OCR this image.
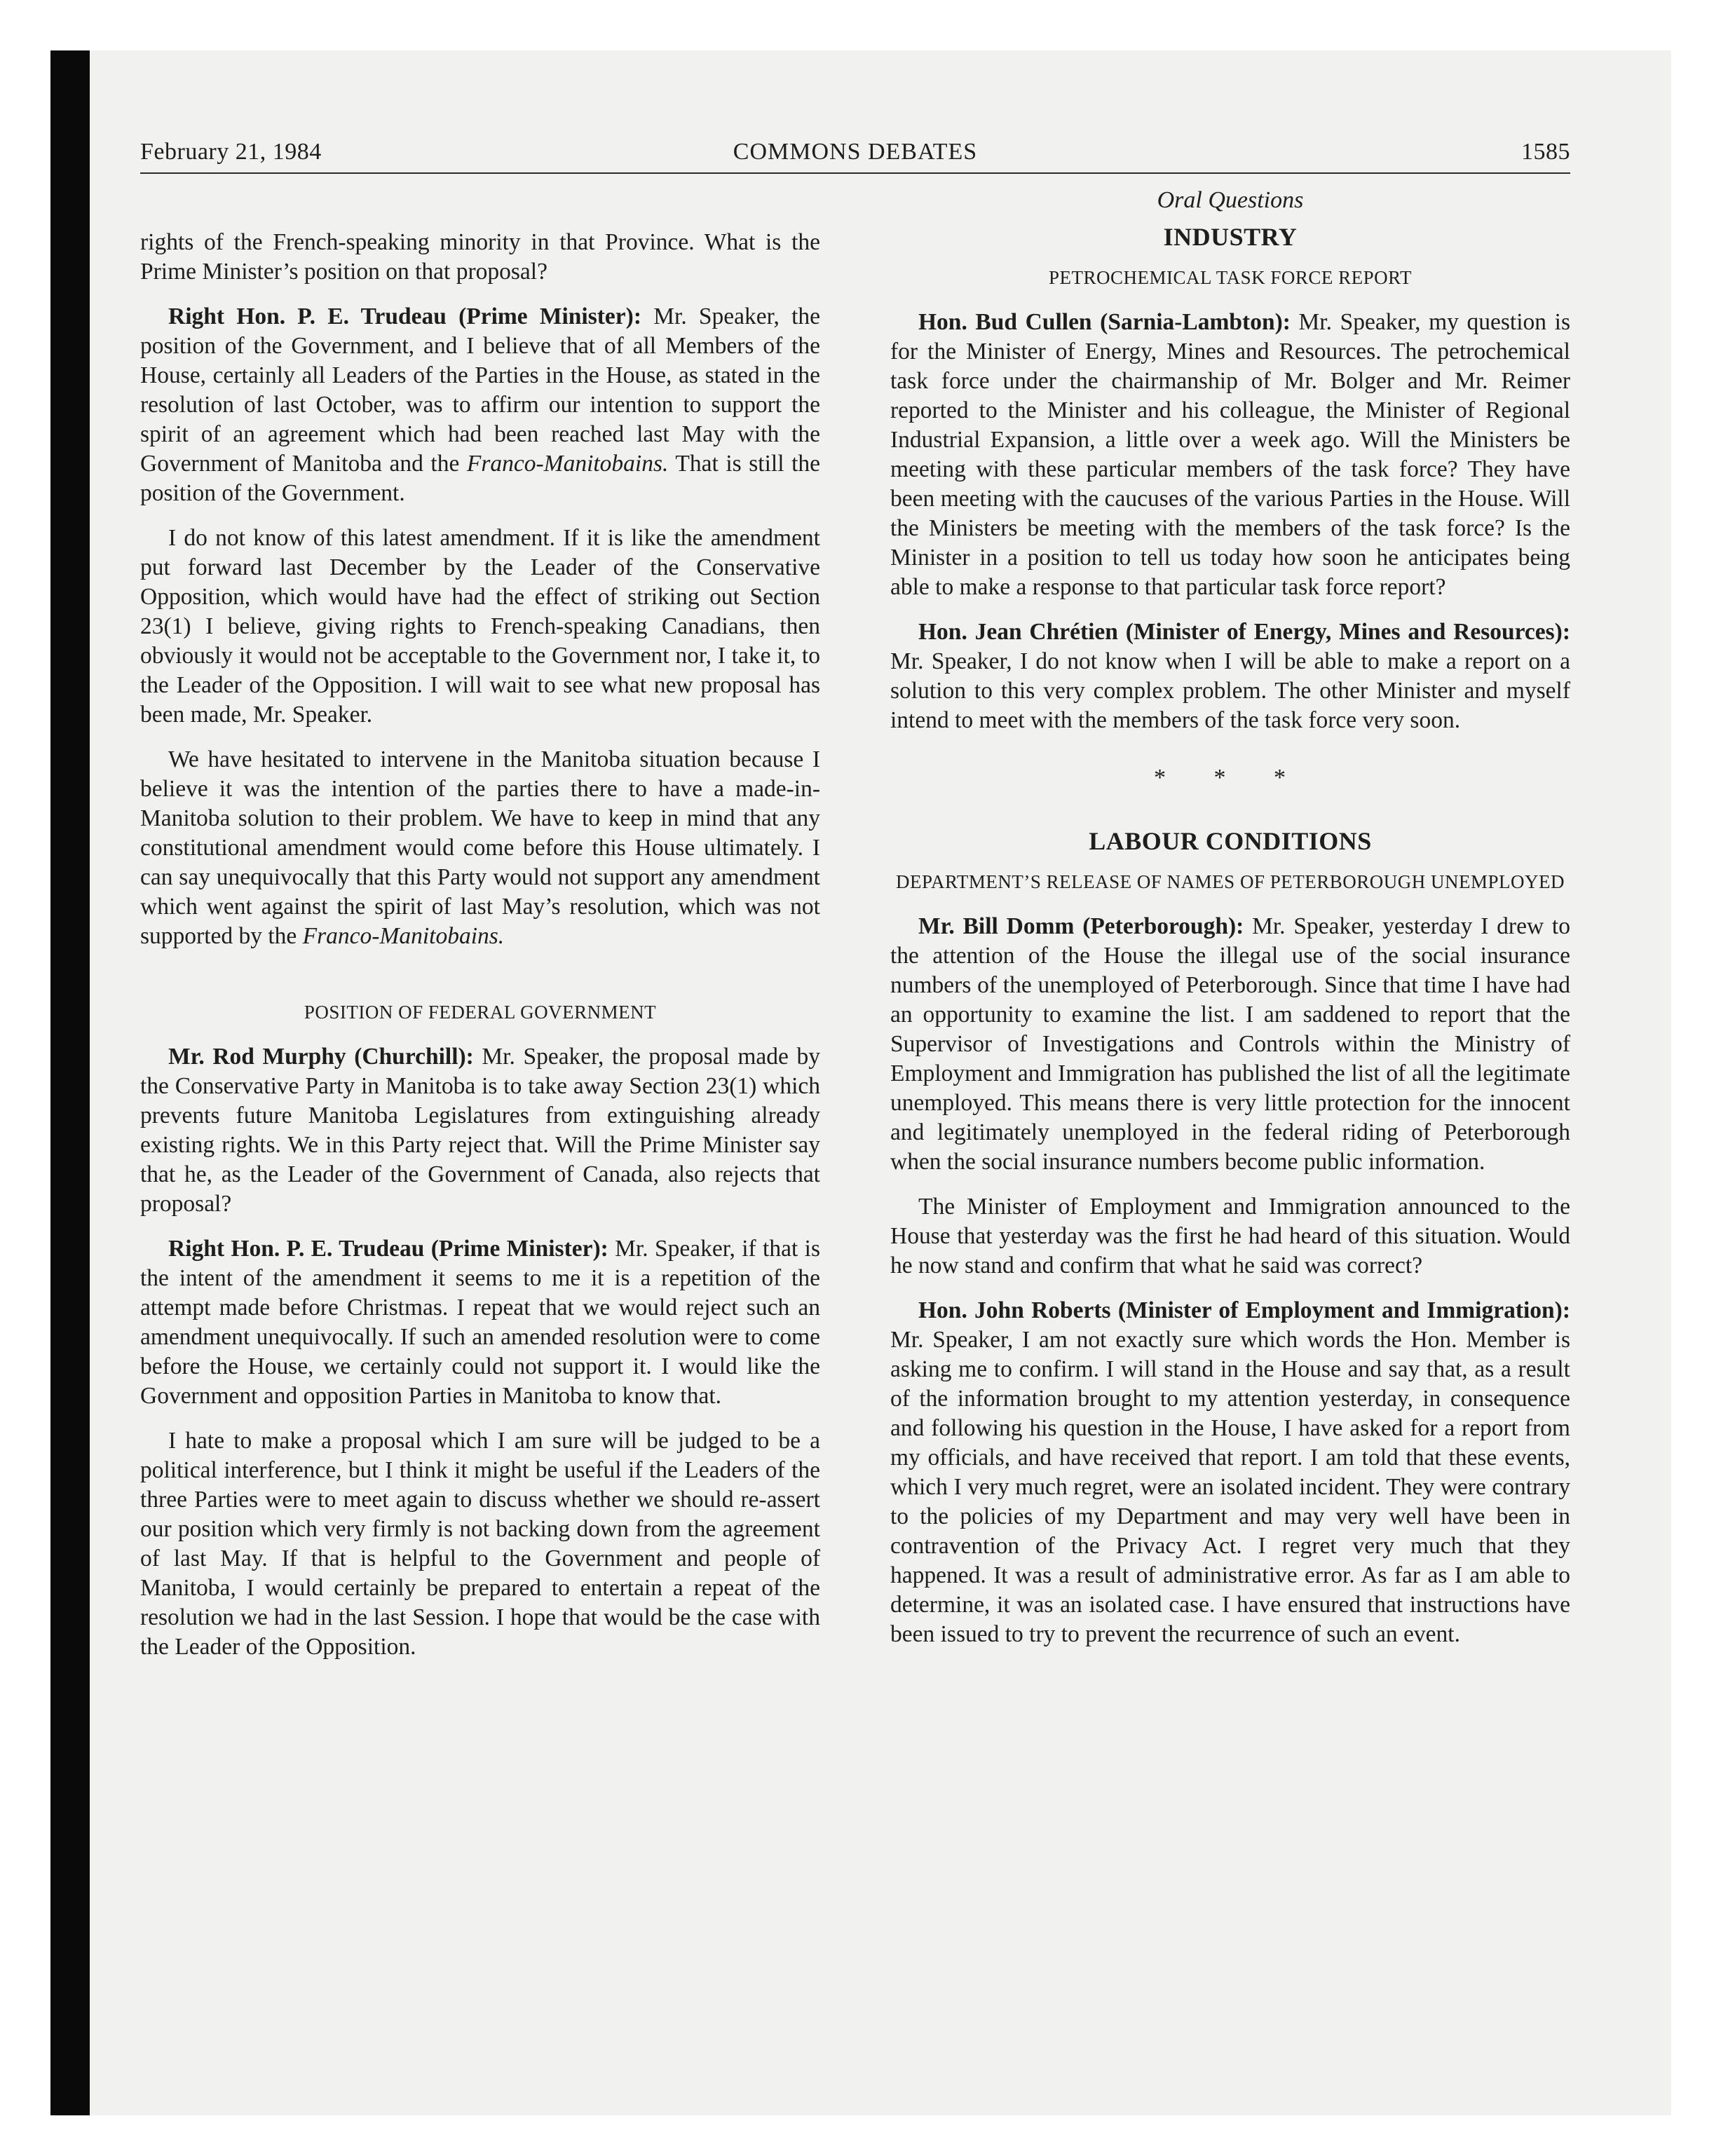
February 21, 1984	COMMONS DEBATES	1585

rights of the French-speaking minority in that Province. What is the Prime Minister’s position on that proposal?

Right Hon. P. E. Trudeau (Prime Minister): Mr. Speaker, the position of the Government, and I believe that of all Members of the House, certainly all Leaders of the Parties in the House, as stated in the resolution of last October, was to affirm our intention to support the spirit of an agreement which had been reached last May with the Government of Manitoba and the Franco-Manitobains. That is still the position of the Government.

I do not know of this latest amendment. If it is like the amendment put forward last December by the Leader of the Conservative Opposition, which would have had the effect of striking out Section 23(1) I believe, giving rights to French-speaking Canadians, then obviously it would not be acceptable to the Government nor, I take it, to the Leader of the Opposition. I will wait to see what new proposal has been made, Mr. Speaker.

We have hesitated to intervene in the Manitoba situation because I believe it was the intention of the parties there to have a made-in-Manitoba solution to their problem. We have to keep in mind that any constitutional amendment would come before this House ultimately. I can say unequivocally that this Party would not support any amendment which went against the spirit of last May’s resolution, which was not supported by the Franco-Manitobains.

POSITION OF FEDERAL GOVERNMENT

Mr. Rod Murphy (Churchill): Mr. Speaker, the proposal made by the Conservative Party in Manitoba is to take away Section 23(1) which prevents future Manitoba Legislatures from extinguishing already existing rights. We in this Party reject that. Will the Prime Minister say that he, as the Leader of the Government of Canada, also rejects that proposal?

Right Hon. P. E. Trudeau (Prime Minister): Mr. Speaker, if that is the intent of the amendment it seems to me it is a repetition of the attempt made before Christmas. I repeat that we would reject such an amendment unequivocally. If such an amended resolution were to come before the House, we certainly could not support it. I would like the Government and opposition Parties in Manitoba to know that.

I hate to make a proposal which I am sure will be judged to be a political interference, but I think it might be useful if the Leaders of the three Parties were to meet again to discuss whether we should re-assert our position which very firmly is not backing down from the agreement of last May. If that is helpful to the Government and people of Manitoba, I would certainly be prepared to entertain a repeat of the resolution we had in the last Session. I hope that would be the case with the Leader of the Opposition.

Oral Questions
INDUSTRY
PETROCHEMICAL TASK FORCE REPORT

Hon. Bud Cullen (Sarnia-Lambton): Mr. Speaker, my question is for the Minister of Energy, Mines and Resources. The petrochemical task force under the chairmanship of Mr. Bolger and Mr. Reimer reported to the Minister and his colleague, the Minister of Regional Industrial Expansion, a little over a week ago. Will the Ministers be meeting with these particular members of the task force? They have been meeting with the caucuses of the various Parties in the House. Will the Ministers be meeting with the members of the task force? Is the Minister in a position to tell us today how soon he anticipates being able to make a response to that particular task force report?

Hon. Jean Chrétien (Minister of Energy, Mines and Resources): Mr. Speaker, I do not know when I will be able to make a report on a solution to this very complex problem. The other Minister and myself intend to meet with the members of the task force very soon.

* * *
LABOUR CONDITIONS
DEPARTMENT’S RELEASE OF NAMES OF PETERBOROUGH UNEMPLOYED

Mr. Bill Domm (Peterborough): Mr. Speaker, yesterday I drew to the attention of the House the illegal use of the social insurance numbers of the unemployed of Peterborough. Since that time I have had an opportunity to examine the list. I am saddened to report that the Supervisor of Investigations and Controls within the Ministry of Employment and Immigration has published the list of all the legitimate unemployed. This means there is very little protection for the innocent and legitimately unemployed in the federal riding of Peterborough when the social insurance numbers become public information.

The Minister of Employment and Immigration announced to the House that yesterday was the first he had heard of this situation. Would he now stand and confirm that what he said was correct?

Hon. John Roberts (Minister of Employment and Immigration): Mr. Speaker, I am not exactly sure which words the Hon. Member is asking me to confirm. I will stand in the House and say that, as a result of the information brought to my attention yesterday, in consequence and following his question in the House, I have asked for a report from my officials, and have received that report. I am told that these events, which I very much regret, were an isolated incident. They were contrary to the policies of my Department and may very well have been in contravention of the Privacy Act. I regret very much that they happened. It was a result of administrative error. As far as I am able to determine, it was an isolated case. I have ensured that instructions have been issued to try to prevent the recurrence of such an event.
